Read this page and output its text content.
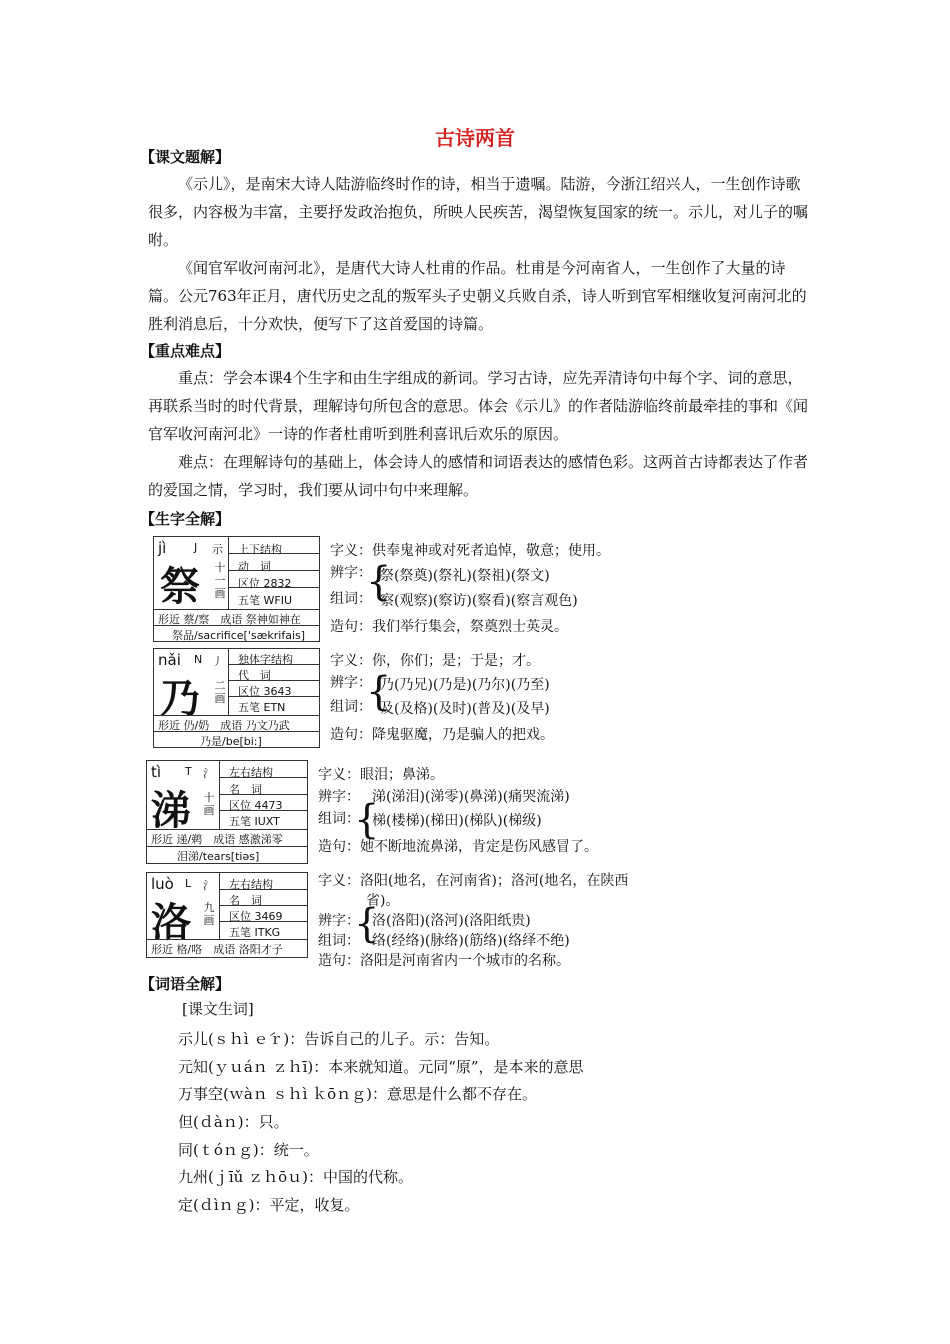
古诗两首
【课文题解】
《示儿》，是南宋大诗人陆游临终时作的诗，相当于遗嘱。陆游，今浙江绍兴人，一生创作诗歌很多，内容极为丰富，主要抒发政治抱负，所映人民疾苦，渴望恢复国家的统一。示儿，对儿子的嘱咐。
《闻官军收河南河北》，是唐代大诗人杜甫的作品。杜甫是今河南省人，一生创作了大量的诗篇。公元763年正月，唐代历史之乱的叛军头子史朝义兵败自杀，诗人听到官军相继收复河南河北的胜利消息后，十分欢快，便写下了这首爱国的诗篇。
【重点难点】
重点：学会本课4个生字和由生字组成的新词。学习古诗，应先弄清诗句中每个字、词的意思，再联系当时的时代背景，理解诗句所包含的意思。体会《示儿》的作者陆游临终前最牵挂的事和《闻官军收河南河北》一诗的作者杜甫听到胜利喜讯后欢乐的原因。
难点：在理解诗句的基础上，体会诗人的感情和词语表达的感情色彩。这两首古诗都表达了作者的爱国之情，学习时，我们要从词中句中来理解。
【生字全解】
jì	J 示
祭 十一画
上下结构
动　词
区位 2832
五笔 WFIU
形近 蔡/察　成语 祭神如神在
祭品/sacrifice['sækrifais]
字义：供奉鬼神或对死者追悼，敬意；使用。
辨字：
组词：
{
祭(祭奠)(祭礼)(祭祖)(祭文)
察(观察)(察访)(察看)(察言观色)
造句：我们举行集会，祭奠烈士英灵。
nǎi N 丿
乃 二画
独体字结构
代　词
区位 3643
五笔 ETN
形近 仍/奶　成语 乃文乃武
乃是/be[bi:]
字义：你，你们；是；于是；才。
辨字：
组词：
{
乃(乃兄)(乃是)(乃尔)(乃至)
及(及格)(及时)(普及)(及早)
造句：降鬼驱魔，乃是骗人的把戏。
tì T 氵
涕 十画
左右结构
名　词
区位 4473
五笔 IUXT
形近 递/鹈　成语 感激涕零
泪涕/tears[tiəs]
字义：眼泪；鼻涕。
辨字：
组词：
{
涕(涕泪)(涕零)(鼻涕)(痛哭流涕)
梯(楼梯)(梯田)(梯队)(梯级)
造句：她不断地流鼻涕，肯定是伤风感冒了。
luò L 氵
洛 九画
左右结构
名　词
区位 3469
五笔 ITKG
形近 格/咯　成语 洛阳才子
字义：洛阳(地名，在河南省)；洛河(地名，在陕西
省)。
辨字：
组词：
{
洛(洛阳)(洛河)(洛阳纸贵)
络(经络)(脉络)(筋络)(络绎不绝)
造句：洛阳是河南省内一个城市的名称。
【词语全解】
[课文生词]
示儿(ｓｈì ｅ́ｒ)：告诉自己的儿子。示：告知。
元知(ｙｕáｎ ｚｈī)：本来就知道。元同“原”，是本来的意思
万事空(ｗàｎ ｓｈì ｋōｎｇ)：意思是什么都不存在。
但(ｄàｎ)：只。
同(ｔóｎｇ)：统一。
九州(ｊīǔ ｚｈōｕ)：中国的代称。
定(ｄìｎｇ)：平定，收复。
